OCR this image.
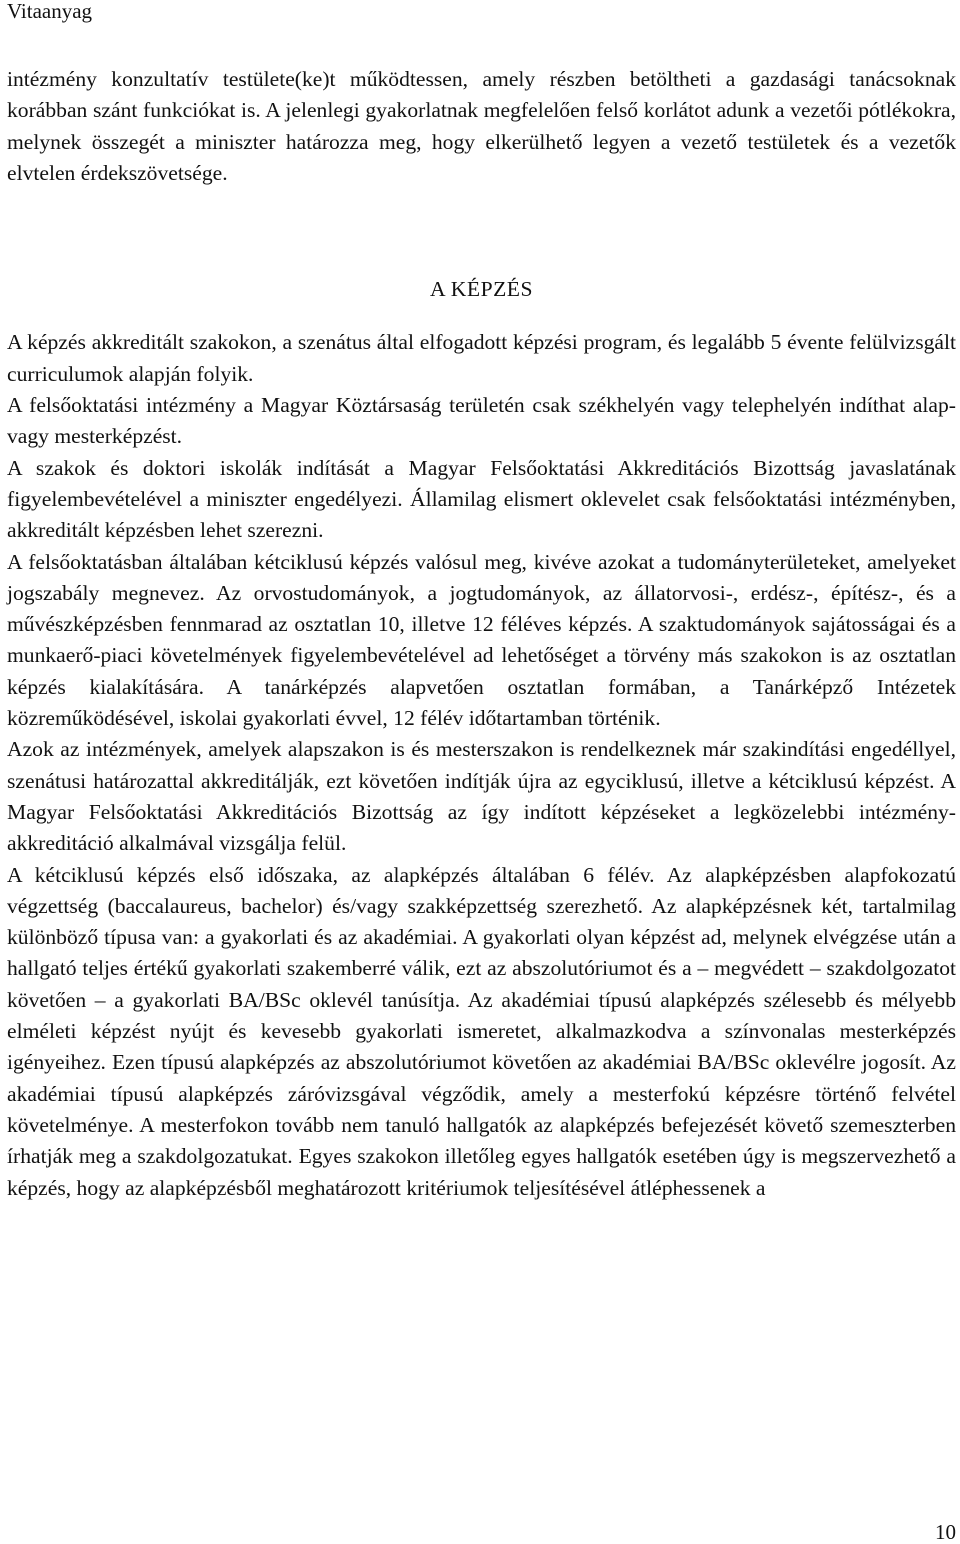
Vitaanyag

intézmény konzultatív testülete(ke)t működtessen, amely részben betöltheti a gazdasági tanácsoknak korábban szánt funkciókat is. A jelenlegi gyakorlatnak megfelelően felső korlátot adunk a vezetői pótlékokra, melynek összegét a miniszter határozza meg, hogy elkerülhető legyen a vezető testületek és a vezetők elvtelen érdekszövetsége.

A KÉPZÉS

A képzés akkreditált szakokon, a szenátus által elfogadott képzési program, és legalább 5 évente felülvizsgált curriculumok alapján folyik.

A felsőoktatási intézmény a Magyar Köztársaság területén csak székhelyén vagy telephelyén indíthat alap- vagy mesterképzést.

A szakok és doktori iskolák indítását a Magyar Felsőoktatási Akkreditációs Bizottság javaslatának figyelembevételével a miniszter engedélyezi. Államilag elismert oklevelet csak felsőoktatási intézményben, akkreditált képzésben lehet szerezni.

A felsőoktatásban általában kétciklusú képzés valósul meg, kivéve azokat a tudományterületeket, amelyeket jogszabály megnevez. Az orvostudományok, a jogtudományok, az állatorvosi-, erdész-, építész-, és a művészképzésben fennmarad az osztatlan 10, illetve 12 féléves képzés. A szaktudományok sajátosságai és a munkaerő-piaci követelmények figyelembevételével ad lehetőséget a törvény más szakokon is az osztatlan képzés kialakítására. A tanárképzés alapvetően osztatlan formában, a Tanárképző Intézetek közreműködésével, iskolai gyakorlati évvel, 12 félév időtartamban történik.

Azok az intézmények, amelyek alapszakon is és mesterszakon is rendelkeznek már szakindítási engedéllyel, szenátusi határozattal akkreditálják, ezt követően indítják újra az egyciklusú, illetve a kétciklusú képzést. A Magyar Felsőoktatási Akkreditációs Bizottság az így indított képzéseket a legközelebbi intézmény-akkreditáció alkalmával vizsgálja felül.

A kétciklusú képzés első időszaka, az alapképzés általában 6 félév. Az alapképzésben alapfokozatú végzettség (baccalaureus, bachelor) és/vagy szakképzettség szerezhető. Az alapképzésnek két, tartalmilag különböző típusa van: a gyakorlati és az akadémiai. A gyakorlati olyan képzést ad, melynek elvégzése után a hallgató teljes értékű gyakorlati szakemberré válik, ezt az abszolutóriumot és a – megvédett – szakdolgozatot követően – a gyakorlati BA/BSc oklevél tanúsítja. Az akadémiai típusú alapképzés szélesebb és mélyebb elméleti képzést nyújt és kevesebb gyakorlati ismeretet, alkalmazkodva a színvonalas mesterképzés igényeihez. Ezen típusú alapképzés az abszolutóriumot követően az akadémiai BA/BSc oklevélre jogosít. Az akadémiai típusú alapképzés záróvizsgával végződik, amely a mesterfokú képzésre történő felvétel követelménye. A mesterfokon tovább nem tanuló hallgatók az alapképzés befejezését követő szemeszterben írhatják meg a szakdolgozatukat. Egyes szakokon illetőleg egyes hallgatók esetében úgy is megszervezhető a képzés, hogy az alapképzésből meghatározott kritériumok teljesítésével átléphessenek a

10
